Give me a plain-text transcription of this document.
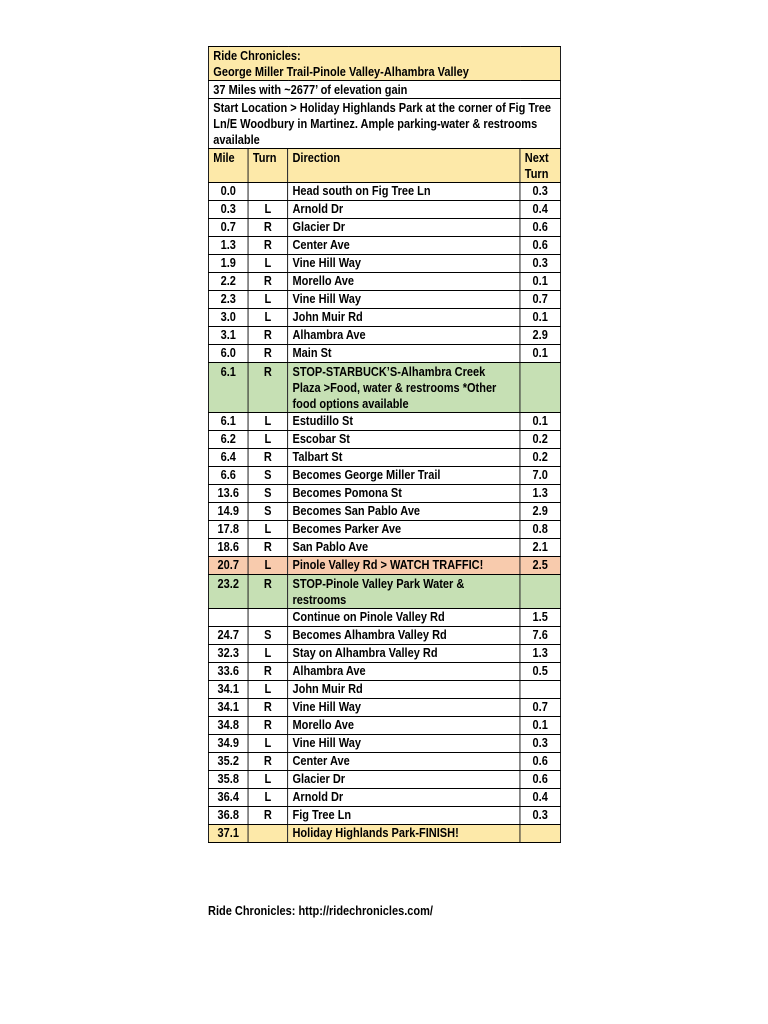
Ride Chronicles:
George Miller Trail-Pinole Valley-Alhambra Valley			

37 Miles with ~2677’ of elevation gain			
Start Location > Holiday Highlands Park at the corner of Fig Tree Ln/E Woodbury in Martinez. Ample parking-water & restrooms available			
Mile	Turn	Direction	Next Turn
0.0		Head south on Fig Tree Ln	0.3
0.3	L	Arnold Dr	0.4
0.7	R	Glacier Dr	0.6
1.3	R	Center Ave	0.6
1.9	L	Vine Hill Way	0.3
2.2	R	Morello Ave	0.1
2.3	L	Vine Hill Way	0.7
3.0	L	John Muir Rd	0.1
3.1	R	Alhambra Ave	2.9
6.0	R	Main St	0.1
6.1	R	STOP-STARBUCK’S-Alhambra Creek Plaza >Food, water & restrooms *Other food options available	
6.1	L	Estudillo St	0.1
6.2	L	Escobar St	0.2
6.4	R	Talbart St	0.2
6.6	S	Becomes George Miller Trail	7.0
13.6	S	Becomes Pomona St	1.3
14.9	S	Becomes San Pablo Ave	2.9
17.8	L	Becomes Parker Ave	0.8
18.6	R	San Pablo Ave	2.1
20.7	L	Pinole Valley Rd > WATCH TRAFFIC!	2.5
23.2	R	STOP-Pinole Valley Park Water & restrooms	
		Continue on Pinole Valley Rd	1.5
24.7	S	Becomes Alhambra Valley Rd	7.6
32.3	L	Stay on Alhambra Valley Rd	1.3
33.6	R	Alhambra Ave	0.5
34.1	L	John Muir Rd	
34.1	R	Vine Hill Way	0.7
34.8	R	Morello Ave	0.1
34.9	L	Vine Hill Way	0.3
35.2	R	Center Ave	0.6
35.8	L	Glacier Dr	0.6
36.4	L	Arnold Dr	0.4
36.8	R	Fig Tree Ln	0.3
37.1		Holiday Highlands Park-FINISH!	
Ride Chronicles: http://ridechronicles.com/
